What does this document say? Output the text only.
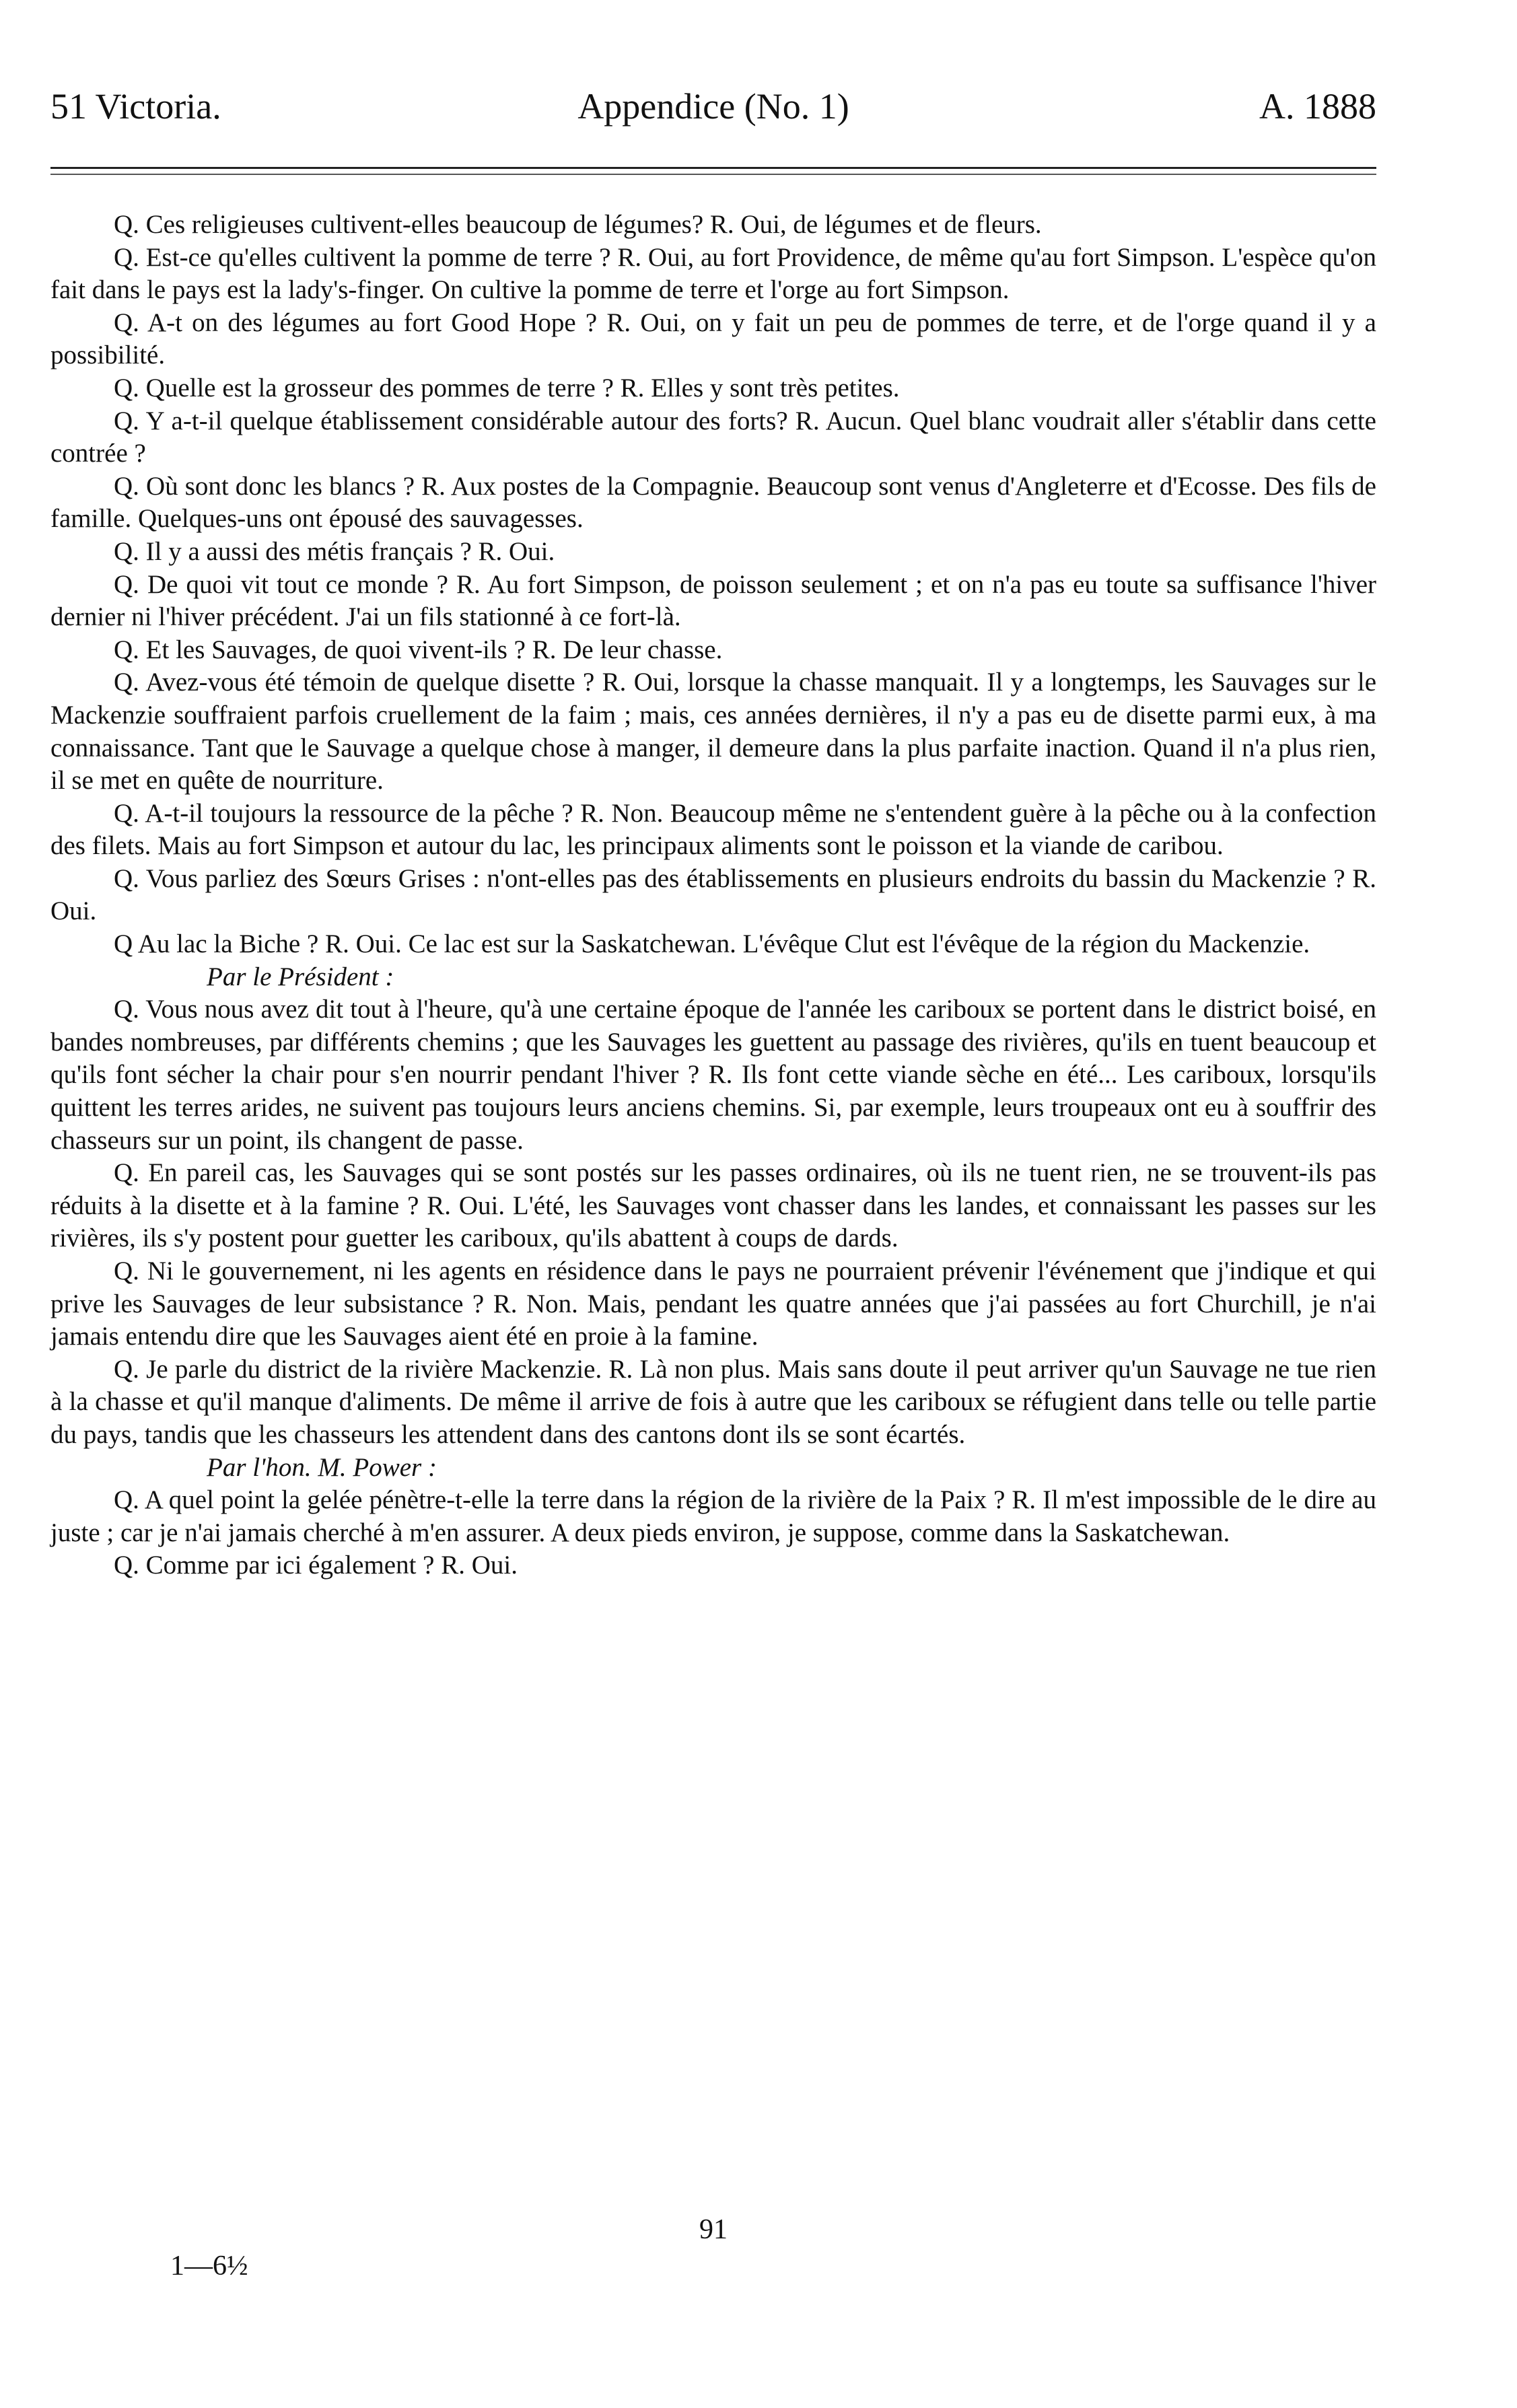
51 Victoria.	Appendice (No. 1)	A. 1888

Q. Ces religieuses cultivent-elles beaucoup de légumes? R. Oui, de légumes et de fleurs.

Q. Est-ce qu'elles cultivent la pomme de terre ? R. Oui, au fort Providence, de même qu'au fort Simpson. L'espèce qu'on fait dans le pays est la lady's-finger. On cultive la pomme de terre et l'orge au fort Simpson.

Q. A-t on des légumes au fort Good Hope ? R. Oui, on y fait un peu de pommes de terre, et de l'orge quand il y a possibilité.

Q. Quelle est la grosseur des pommes de terre ? R. Elles y sont très petites.

Q. Y a-t-il quelque établissement considérable autour des forts? R. Aucun. Quel blanc voudrait aller s'établir dans cette contrée ?

Q. Où sont donc les blancs ? R. Aux postes de la Compagnie. Beaucoup sont venus d'Angleterre et d'Ecosse. Des fils de famille. Quelques-uns ont épousé des sauvagesses.

Q. Il y a aussi des métis français ? R. Oui.

Q. De quoi vit tout ce monde ? R. Au fort Simpson, de poisson seulement ; et on n'a pas eu toute sa suffisance l'hiver dernier ni l'hiver précédent. J'ai un fils stationné à ce fort-là.

Q. Et les Sauvages, de quoi vivent-ils ? R. De leur chasse.

Q. Avez-vous été témoin de quelque disette ? R. Oui, lorsque la chasse manquait. Il y a longtemps, les Sauvages sur le Mackenzie souffraient parfois cruellement de la faim ; mais, ces années dernières, il n'y a pas eu de disette parmi eux, à ma connaissance. Tant que le Sauvage a quelque chose à manger, il demeure dans la plus parfaite inaction. Quand il n'a plus rien, il se met en quête de nourriture.

Q. A-t-il toujours la ressource de la pêche ? R. Non. Beaucoup même ne s'entendent guère à la pêche ou à la confection des filets. Mais au fort Simpson et autour du lac, les principaux aliments sont le poisson et la viande de caribou.

Q. Vous parliez des Sœurs Grises : n'ont-elles pas des établissements en plusieurs endroits du bassin du Mackenzie ? R. Oui.

Q Au lac la Biche ? R. Oui. Ce lac est sur la Saskatchewan. L'évêque Clut est l'évêque de la région du Mackenzie.

Par le Président :

Q. Vous nous avez dit tout à l'heure, qu'à une certaine époque de l'année les cariboux se portent dans le district boisé, en bandes nombreuses, par différents chemins ; que les Sauvages les guettent au passage des rivières, qu'ils en tuent beaucoup et qu'ils font sécher la chair pour s'en nourrir pendant l'hiver ? R. Ils font cette viande sèche en été... Les cariboux, lorsqu'ils quittent les terres arides, ne suivent pas toujours leurs anciens chemins. Si, par exemple, leurs troupeaux ont eu à souffrir des chasseurs sur un point, ils changent de passe.

Q. En pareil cas, les Sauvages qui se sont postés sur les passes ordinaires, où ils ne tuent rien, ne se trouvent-ils pas réduits à la disette et à la famine ? R. Oui. L'été, les Sauvages vont chasser dans les landes, et connaissant les passes sur les rivières, ils s'y postent pour guetter les cariboux, qu'ils abattent à coups de dards.

Q. Ni le gouvernement, ni les agents en résidence dans le pays ne pourraient prévenir l'événement que j'indique et qui prive les Sauvages de leur subsistance ? R. Non. Mais, pendant les quatre années que j'ai passées au fort Churchill, je n'ai jamais entendu dire que les Sauvages aient été en proie à la famine.

Q. Je parle du district de la rivière Mackenzie. R. Là non plus. Mais sans doute il peut arriver qu'un Sauvage ne tue rien à la chasse et qu'il manque d'aliments. De même il arrive de fois à autre que les cariboux se réfugient dans telle ou telle partie du pays, tandis que les chasseurs les attendent dans des cantons dont ils se sont écartés.

Par l'hon. M. Power :

Q. A quel point la gelée pénètre-t-elle la terre dans la région de la rivière de la Paix ? R. Il m'est impossible de le dire au juste ; car je n'ai jamais cherché à m'en assurer. A deux pieds environ, je suppose, comme dans la Saskatchewan.

Q. Comme par ici également ? R. Oui.

91
1—6½
